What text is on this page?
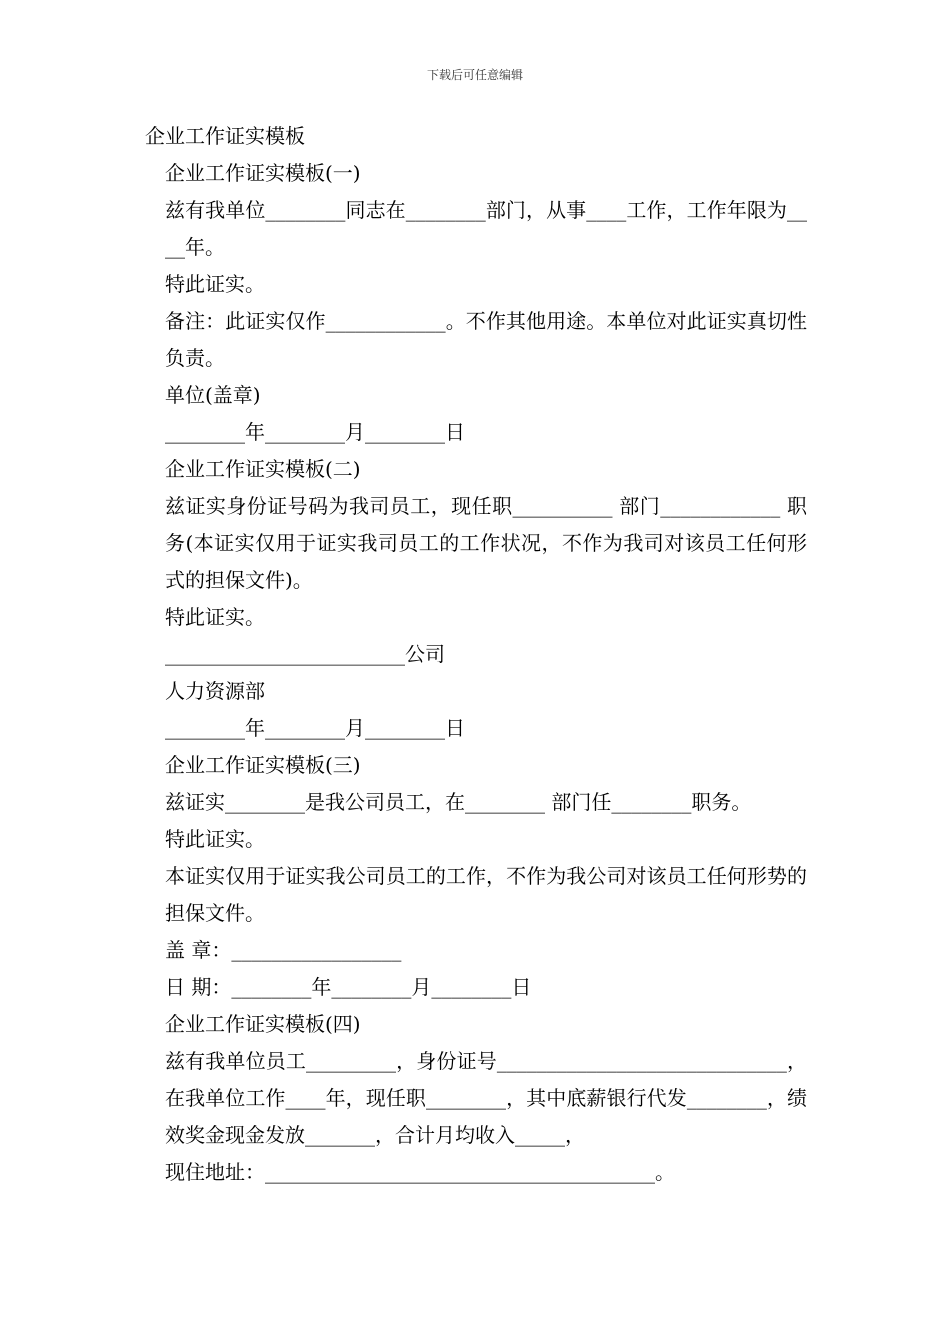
下载后可任意编辑

企业工作证实模板

企业工作证实模板(一)

兹有我单位________同志在________部门，从事____工作，工作年限为____年。

特此证实。

备注：此证实仅作____________。不作其他用途。本单位对此证实真切性负责。

单位(盖章)

________年________月________日

企业工作证实模板(二)

兹证实身份证号码为我司员工，现任职__________ 部门____________ 职务(本证实仅用于证实我司员工的工作状况，不作为我司对该员工任何形式的担保文件)。

特此证实。

________________________公司

人力资源部

________年________月________日

企业工作证实模板(三)

兹证实________是我公司员工，在________ 部门任________职务。

特此证实。

本证实仅用于证实我公司员工的工作，不作为我公司对该员工任何形势的担保文件。

盖 章：_________________

日 期：________年________月________日

企业工作证实模板(四)

兹有我单位员工_________，身份证号_____________________________，在我单位工作____年，现任职________，其中底薪银行代发________，绩效奖金现金发放_______，合计月均收入_____，

现住地址：_______________________________________。
